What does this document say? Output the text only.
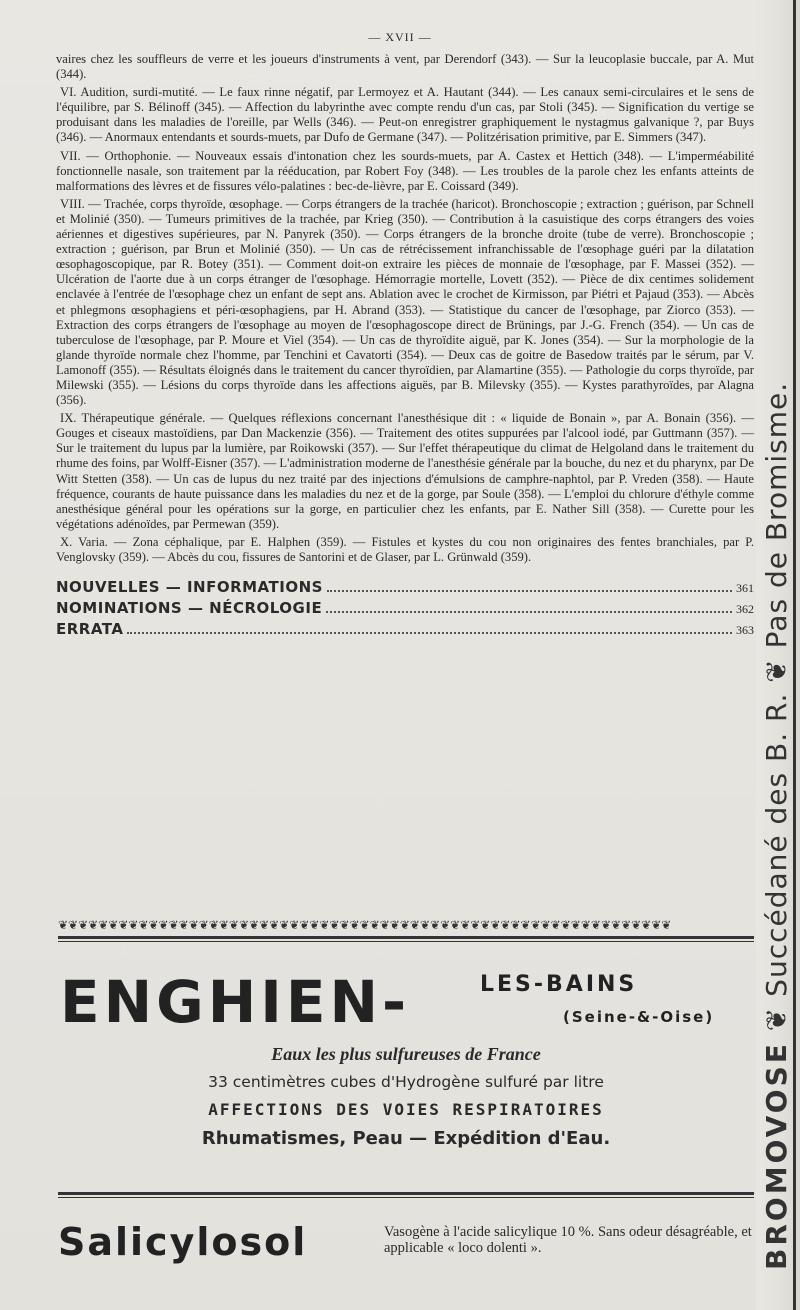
— XVII —

vaires chez les souffleurs de verre et les joueurs d'instruments à vent, par Derendorf (343). — Sur la leucoplasie buccale, par A. Mut (344).

VI. Audition, surdi-mutité. — Le faux rinne négatif, par Lermoyez et A. Hautant (344). — Les canaux semi-circulaires et le sens de l'équilibre, par S. Bélinoff (345). — Affection du labyrinthe avec compte rendu d'un cas, par Stoli (345). — Signification du vertige se produisant dans les maladies de l'oreille, par Wells (346). — Peut-on enregistrer graphiquement le nystagmus galvanique ?, par Buys (346). — Anormaux entendants et sourds-muets, par Dufo de Germane (347). — Politzérisation primitive, par E. Simmers (347).

VII. — Orthophonie. — Nouveaux essais d'intonation chez les sourds-muets, par A. Castex et Hettich (348). — L'imperméabilité fonctionnelle nasale, son traitement par la rééducation, par Robert Foy (348). — Les troubles de la parole chez les enfants atteints de malformations des lèvres et de fissures vélo-palatines : bec-de-lièvre, par E. Coissard (349).

VIII. — Trachée, corps thyroïde, œsophage. — Corps étrangers de la trachée (haricot). Bronchoscopie ; extraction ; guérison, par Schnell et Molinié (350). — Tumeurs primitives de la trachée, par Krieg (350). — Contribution à la casuistique des corps étrangers des voies aériennes et digestives supérieures, par N. Panyrek (350). — Corps étrangers de la bronche droite (tube de verre). Bronchoscopie ; extraction ; guérison, par Brun et Molinié (350). — Un cas de rétrécissement infranchissable de l'œsophage guéri par la dilatation œsophagoscopique, par R. Botey (351). — Comment doit-on extraire les pièces de monnaie de l'œsophage, par F. Massei (352). — Ulcération de l'aorte due à un corps étranger de l'œsophage. Hémorragie mortelle, Lovett (352). — Pièce de dix centimes solidement enclavée à l'entrée de l'œsophage chez un enfant de sept ans. Ablation avec le crochet de Kirmisson, par Piétri et Pajaud (353). — Abcès et phlegmons œsophagiens et péri-œsophagiens, par H. Abrand (353). — Statistique du cancer de l'œsophage, par Ziorco (353). — Extraction des corps étrangers de l'œsophage au moyen de l'œsophagoscope direct de Brünings, par J.-G. French (354). — Un cas de tuberculose de l'œsophage, par P. Moure et Viel (354). — Un cas de thyroïdite aiguë, par K. Jones (354). — Sur la morphologie de la glande thyroïde normale chez l'homme, par Tenchini et Cavatorti (354). — Deux cas de goitre de Basedow traités par le sérum, par V. Lamonoff (355). — Résultats éloignés dans le traitement du cancer thyroïdien, par Alamartine (355). — Pathologie du corps thyroïde, par Milewski (355). — Lésions du corps thyroïde dans les affections aiguës, par B. Milevsky (355). — Kystes parathyroïdes, par Alagna (356).

IX. Thérapeutique générale. — Quelques réflexions concernant l'anesthésique dit : « liquide de Bonain », par A. Bonain (356). — Gouges et ciseaux mastoïdiens, par Dan Mackenzie (356). — Traitement des otites suppurées par l'alcool iodé, par Guttmann (357). — Sur le traitement du lupus par la lumière, par Roikowski (357). — Sur l'effet thérapeutique du climat de Helgoland dans le traitement du rhume des foins, par Wolff-Eisner (357). — L'administration moderne de l'anesthésie générale par la bouche, du nez et du pharynx, par De Witt Stetten (358). — Un cas de lupus du nez traité par des injections d'émulsions de camphre-naphtol, par P. Vreden (358). — Haute fréquence, courants de haute puissance dans les maladies du nez et de la gorge, par Soule (358). — L'emploi du chlorure d'éthyle comme anesthésique général pour les opérations sur la gorge, en particulier chez les enfants, par E. Nather Sill (358). — Curette pour les végétations adénoïdes, par Permewan (359).

X. Varia. — Zona céphalique, par E. Halphen (359). — Fistules et kystes du cou non originaires des fentes branchiales, par P. Venglovsky (359). — Abcès du cou, fissures de Santorini et de Glaser, par L. Grünwald (359).

NOUVELLES — INFORMATIONS	361
NOMINATIONS — NÉCROLOGIE	362
ERRATA	363
❦❦❦❦❦❦❦❦❦❦❦❦❦❦❦❦❦❦❦❦❦❦❦❦❦❦❦❦❦❦❦❦❦❦❦❦❦❦❦❦❦❦❦❦❦❦❦❦❦❦❦❦❦❦❦❦❦❦❦❦❦
ENGHIEN-	LES-BAINS
(Seine-&-Oise)
Eaux les plus sulfureuses de France
33 centimètres cubes d'Hydrogène sulfuré par litre
AFFECTIONS DES VOIES RESPIRATOIRES
Rhumatismes, Peau — Expédition d'Eau.
Salicylosol	Vasogène à l'acide salicylique 10 %. Sans odeur désagréable, et applicable « loco dolenti ».	BROMOVOSE ❦ Succédané des B. R. ❦ Pas de Bromisme.
